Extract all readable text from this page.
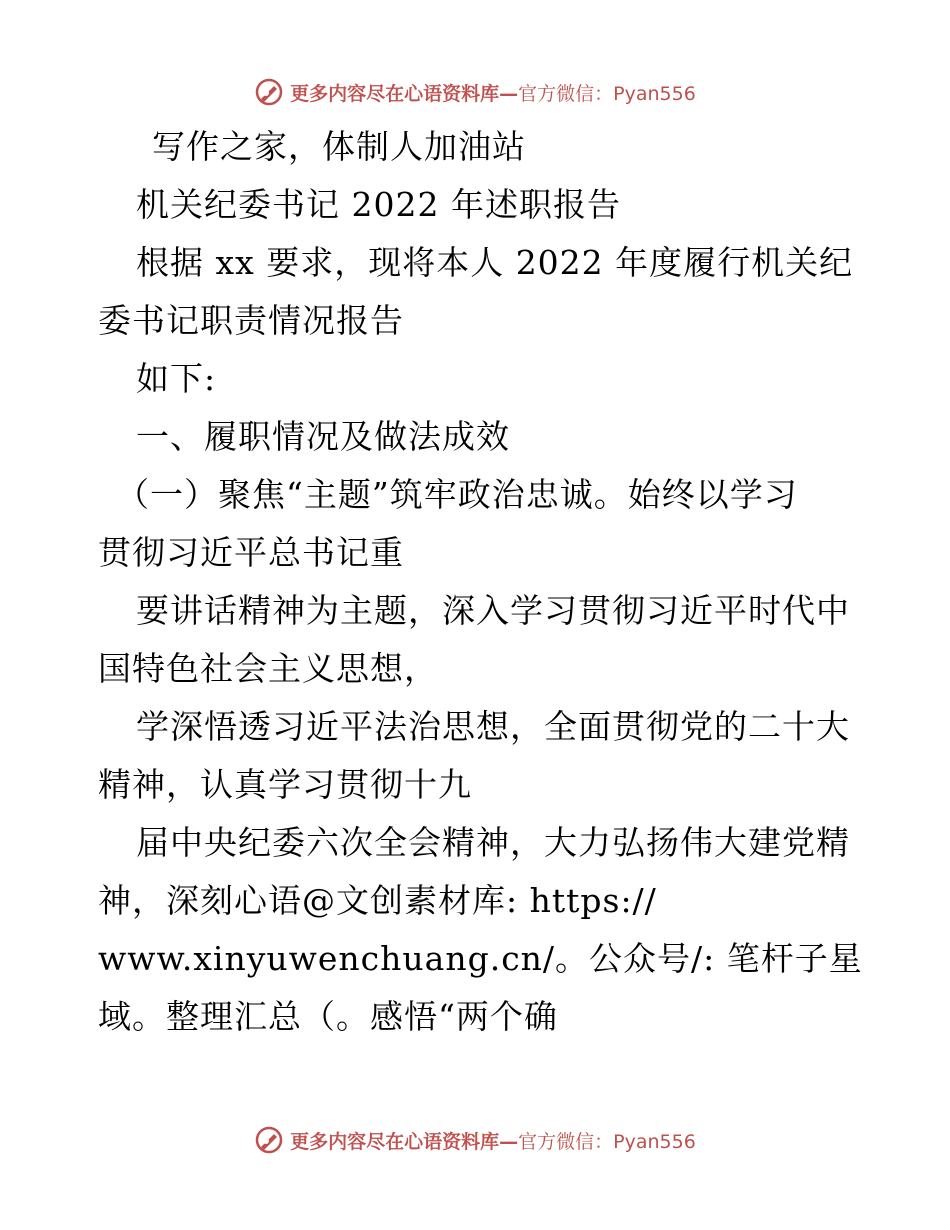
更多内容尽在心语资料库—官方微信：Pyan556
写作之家，体制人加油站
机关纪委书记 2022 年述职报告
根据 xx 要求，现将本人 2022 年度履行机关纪
委书记职责情况报告
如下:
一、履职情况及做法成效
（一）聚焦“主题”筑牢政治忠诚。始终以学习
贯彻习近平总书记重
要讲话精神为主题，深入学习贯彻习近平时代中
国特色社会主义思想，
学深悟透习近平法治思想，全面贯彻党的二十大
精神，认真学习贯彻十九
届中央纪委六次全会精神，大力弘扬伟大建党精
神，深刻心语@文创素材库: https://
www.xinyuwenchuang.cn/。公众号/: 笔杆子星
域。整理汇总（。感悟“两个确
更多内容尽在心语资料库—官方微信：Pyan556
